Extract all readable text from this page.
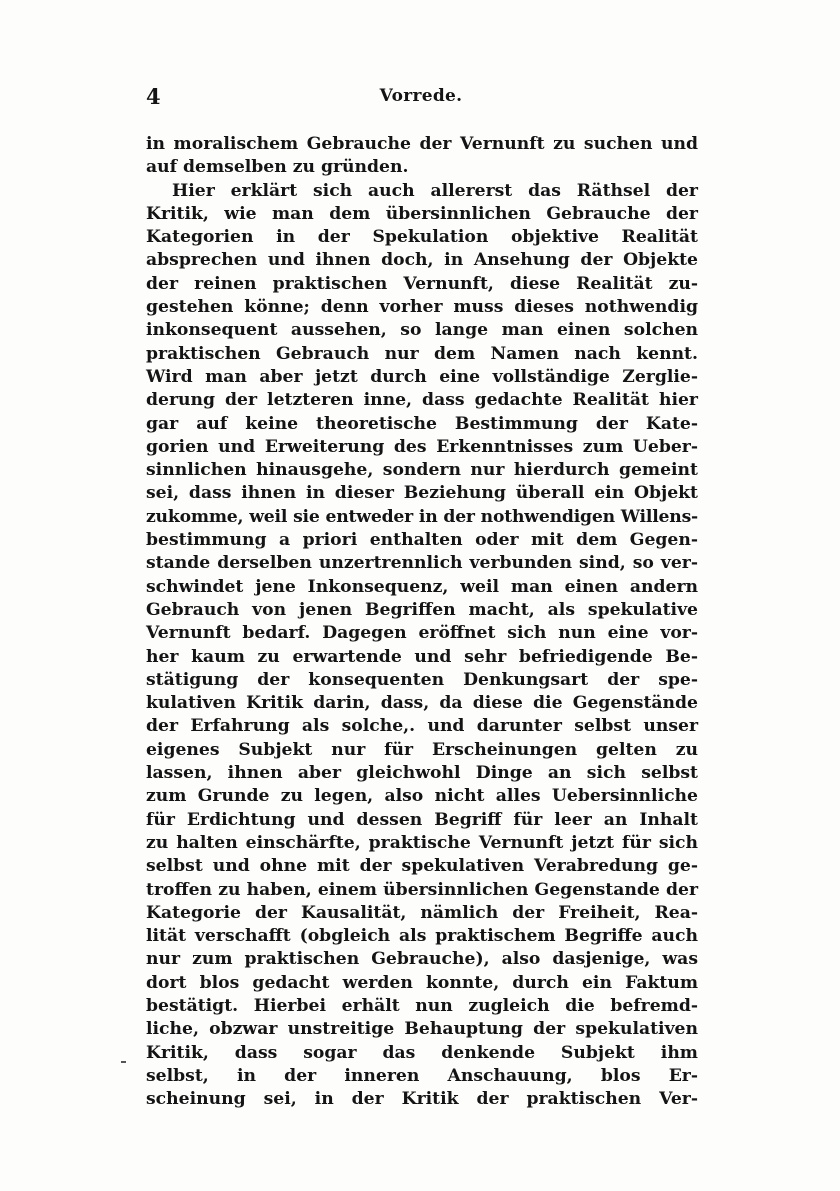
4	Vorrede.
in moralischem Gebrauche der Vernunft zu suchen und
auf demselben zu gründen.
Hier erklärt sich auch allererst das Räthsel der
Kritik, wie man dem übersinnlichen Gebrauche der
Kategorien in der Spekulation objektive Realität
absprechen und ihnen doch, in Ansehung der Objekte
der reinen praktischen Vernunft, diese Realität zu-
gestehen könne; denn vorher muss dieses nothwendig
inkonsequent aussehen, so lange man einen solchen
praktischen Gebrauch nur dem Namen nach kennt.
Wird man aber jetzt durch eine vollständige Zerglie-
derung der letzteren inne, dass gedachte Realität hier
gar auf keine theoretische Bestimmung der Kate-
gorien und Erweiterung des Erkenntnisses zum Ueber-
sinnlichen hinausgehe, sondern nur hierdurch gemeint
sei, dass ihnen in dieser Beziehung überall ein Objekt
zukomme, weil sie entweder in der nothwendigen Willens-
bestimmung a priori enthalten oder mit dem Gegen-
stande derselben unzertrennlich verbunden sind, so ver-
schwindet jene Inkonsequenz, weil man einen andern
Gebrauch von jenen Begriffen macht, als spekulative
Vernunft bedarf. Dagegen eröffnet sich nun eine vor-
her kaum zu erwartende und sehr befriedigende Be-
stätigung der konsequenten Denkungsart der spe-
kulativen Kritik darin, dass, da diese die Gegenstände
der Erfahrung als solche,. und darunter selbst unser
eigenes Subjekt nur für Erscheinungen gelten zu
lassen, ihnen aber gleichwohl Dinge an sich selbst
zum Grunde zu legen, also nicht alles Uebersinnliche
für Erdichtung und dessen Begriff für leer an Inhalt
zu halten einschärfte, praktische Vernunft jetzt für sich
selbst und ohne mit der spekulativen Verabredung ge-
troffen zu haben, einem übersinnlichen Gegenstande der
Kategorie der Kausalität, nämlich der Freiheit, Rea-
lität verschafft (obgleich als praktischem Begriffe auch
nur zum praktischen Gebrauche), also dasjenige, was
dort blos gedacht werden konnte, durch ein Faktum
bestätigt. Hierbei erhält nun zugleich die befremd-
liche, obzwar unstreitige Behauptung der spekulativen
Kritik, dass sogar das denkende Subjekt ihm
selbst, in der inneren Anschauung, blos Er-
scheinung sei, in der Kritik der praktischen Ver-
